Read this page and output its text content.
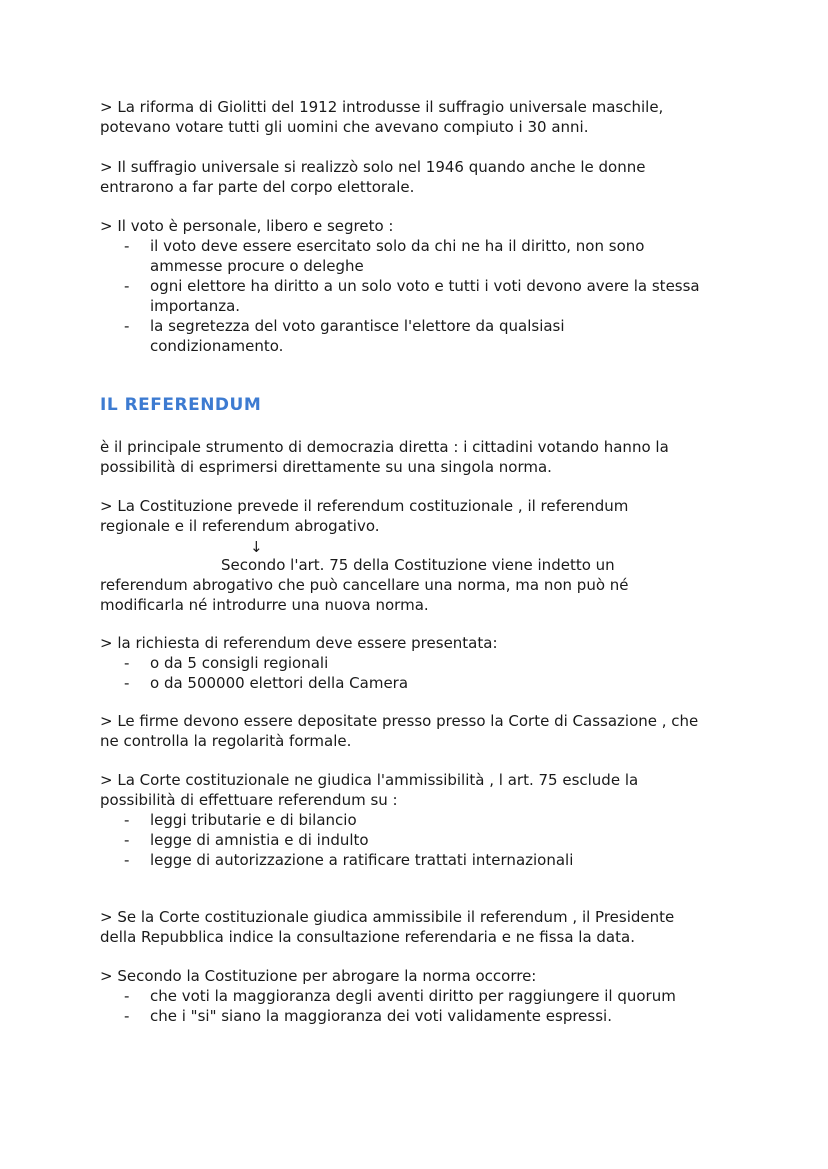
> La riforma di Giolitti del 1912 introdusse il suffragio universale maschile,
potevano votare tutti gli uomini che avevano compiuto i 30 anni.

> Il suffragio universale si realizzò solo nel 1946 quando anche le donne
entrarono a far parte del corpo elettorale.

> Il voto è personale, libero e segreto :

- il voto deve essere esercitato solo da chi ne ha il diritto, non sono
ammesse procure o deleghe
- ogni elettore ha diritto a un solo voto e tutti i voti devono avere la stessa
importanza.
- la segretezza del voto garantisce l'elettore da qualsiasi
condizionamento.
IL REFERENDUM

è il principale strumento di democrazia diretta : i cittadini votando hanno la
possibilità di esprimersi direttamente su una singola norma.

> La Costituzione prevede il referendum costituzionale , il referendum
regionale e il referendum abrogativo.

↓

Secondo l'art. 75 della Costituzione viene indetto un
referendum abrogativo che può cancellare una norma, ma non può né
modificarla né introdurre una nuova norma.

> la richiesta di referendum deve essere presentata:

- o da 5 consigli regionali
- o da 500000 elettori della Camera

> Le firme devono essere depositate presso presso la Corte di Cassazione , che
ne controlla la regolarità formale.

> La Corte costituzionale ne giudica l'ammissibilità , l art. 75 esclude la
possibilità di effettuare referendum su :

- leggi tributarie e di bilancio
- legge di amnistia e di indulto
- legge di autorizzazione a ratificare trattati internazionali

> Se la Corte costituzionale giudica ammissibile il referendum , il Presidente
della Repubblica indice la consultazione referendaria e ne fissa la data.

> Secondo la Costituzione per abrogare la norma occorre:

- che voti la maggioranza degli aventi diritto per raggiungere il quorum
- che i "si" siano la maggioranza dei voti validamente espressi.
